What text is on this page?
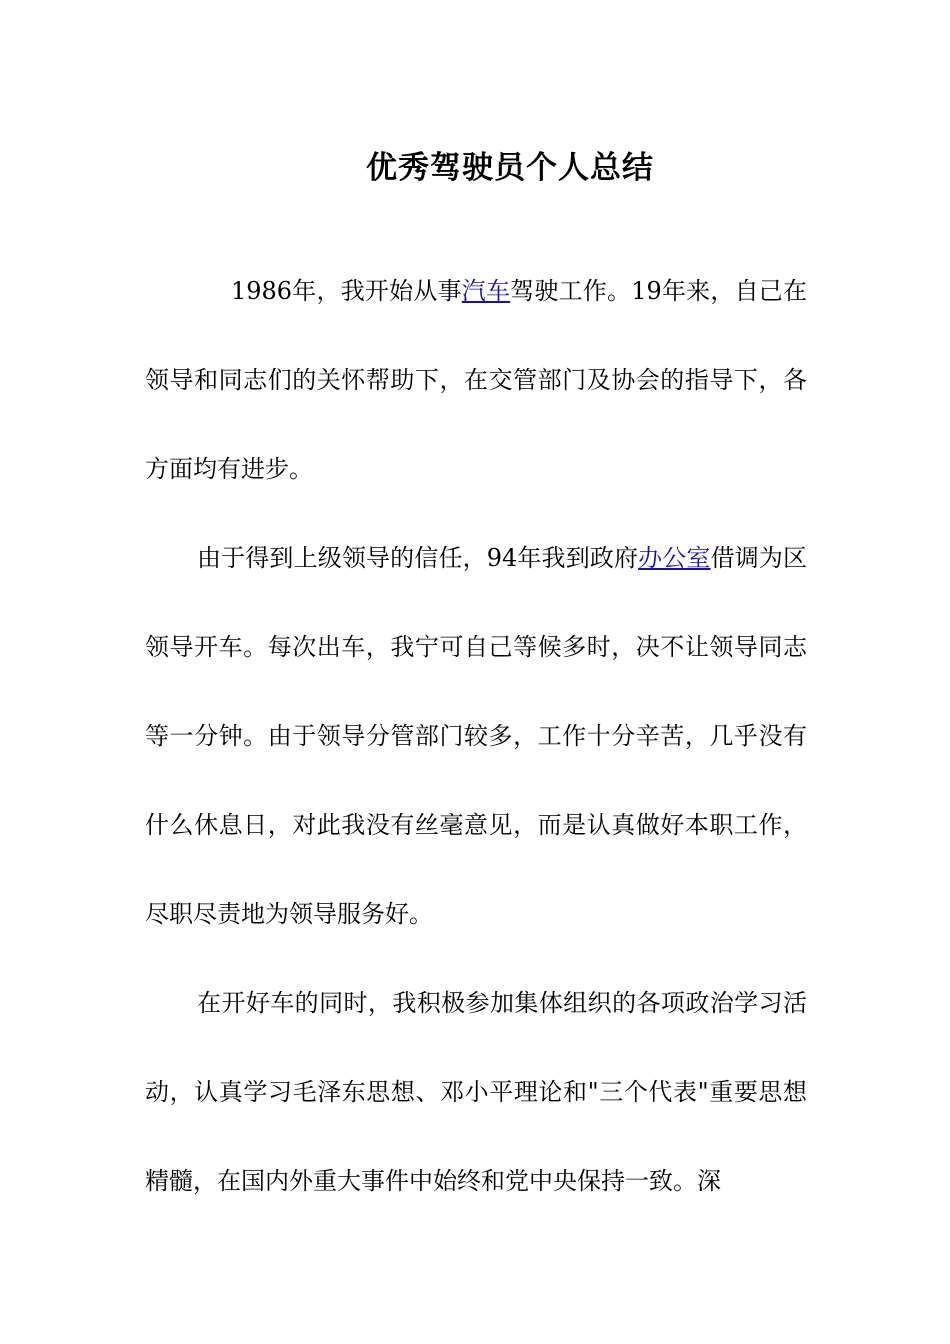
优秀驾驶员个人总结

1986年，我开始从事汽车驾驶工作。19年来，自己在领导和同志们的关怀帮助下，在交管部门及协会的指导下，各方面均有进步。

由于得到上级领导的信任，94年我到政府办公室借调为区领导开车。每次出车，我宁可自己等候多时，决不让领导同志等一分钟。由于领导分管部门较多，工作十分辛苦，几乎没有什么休息日，对此我没有丝毫意见，而是认真做好本职工作，尽职尽责地为领导服务好。

在开好车的同时，我积极参加集体组织的各项政治学习活动，认真学习毛泽东思想、邓小平理论和"三个代表"重要思想精髓，在国内外重大事件中始终和党中央保持一致。深
